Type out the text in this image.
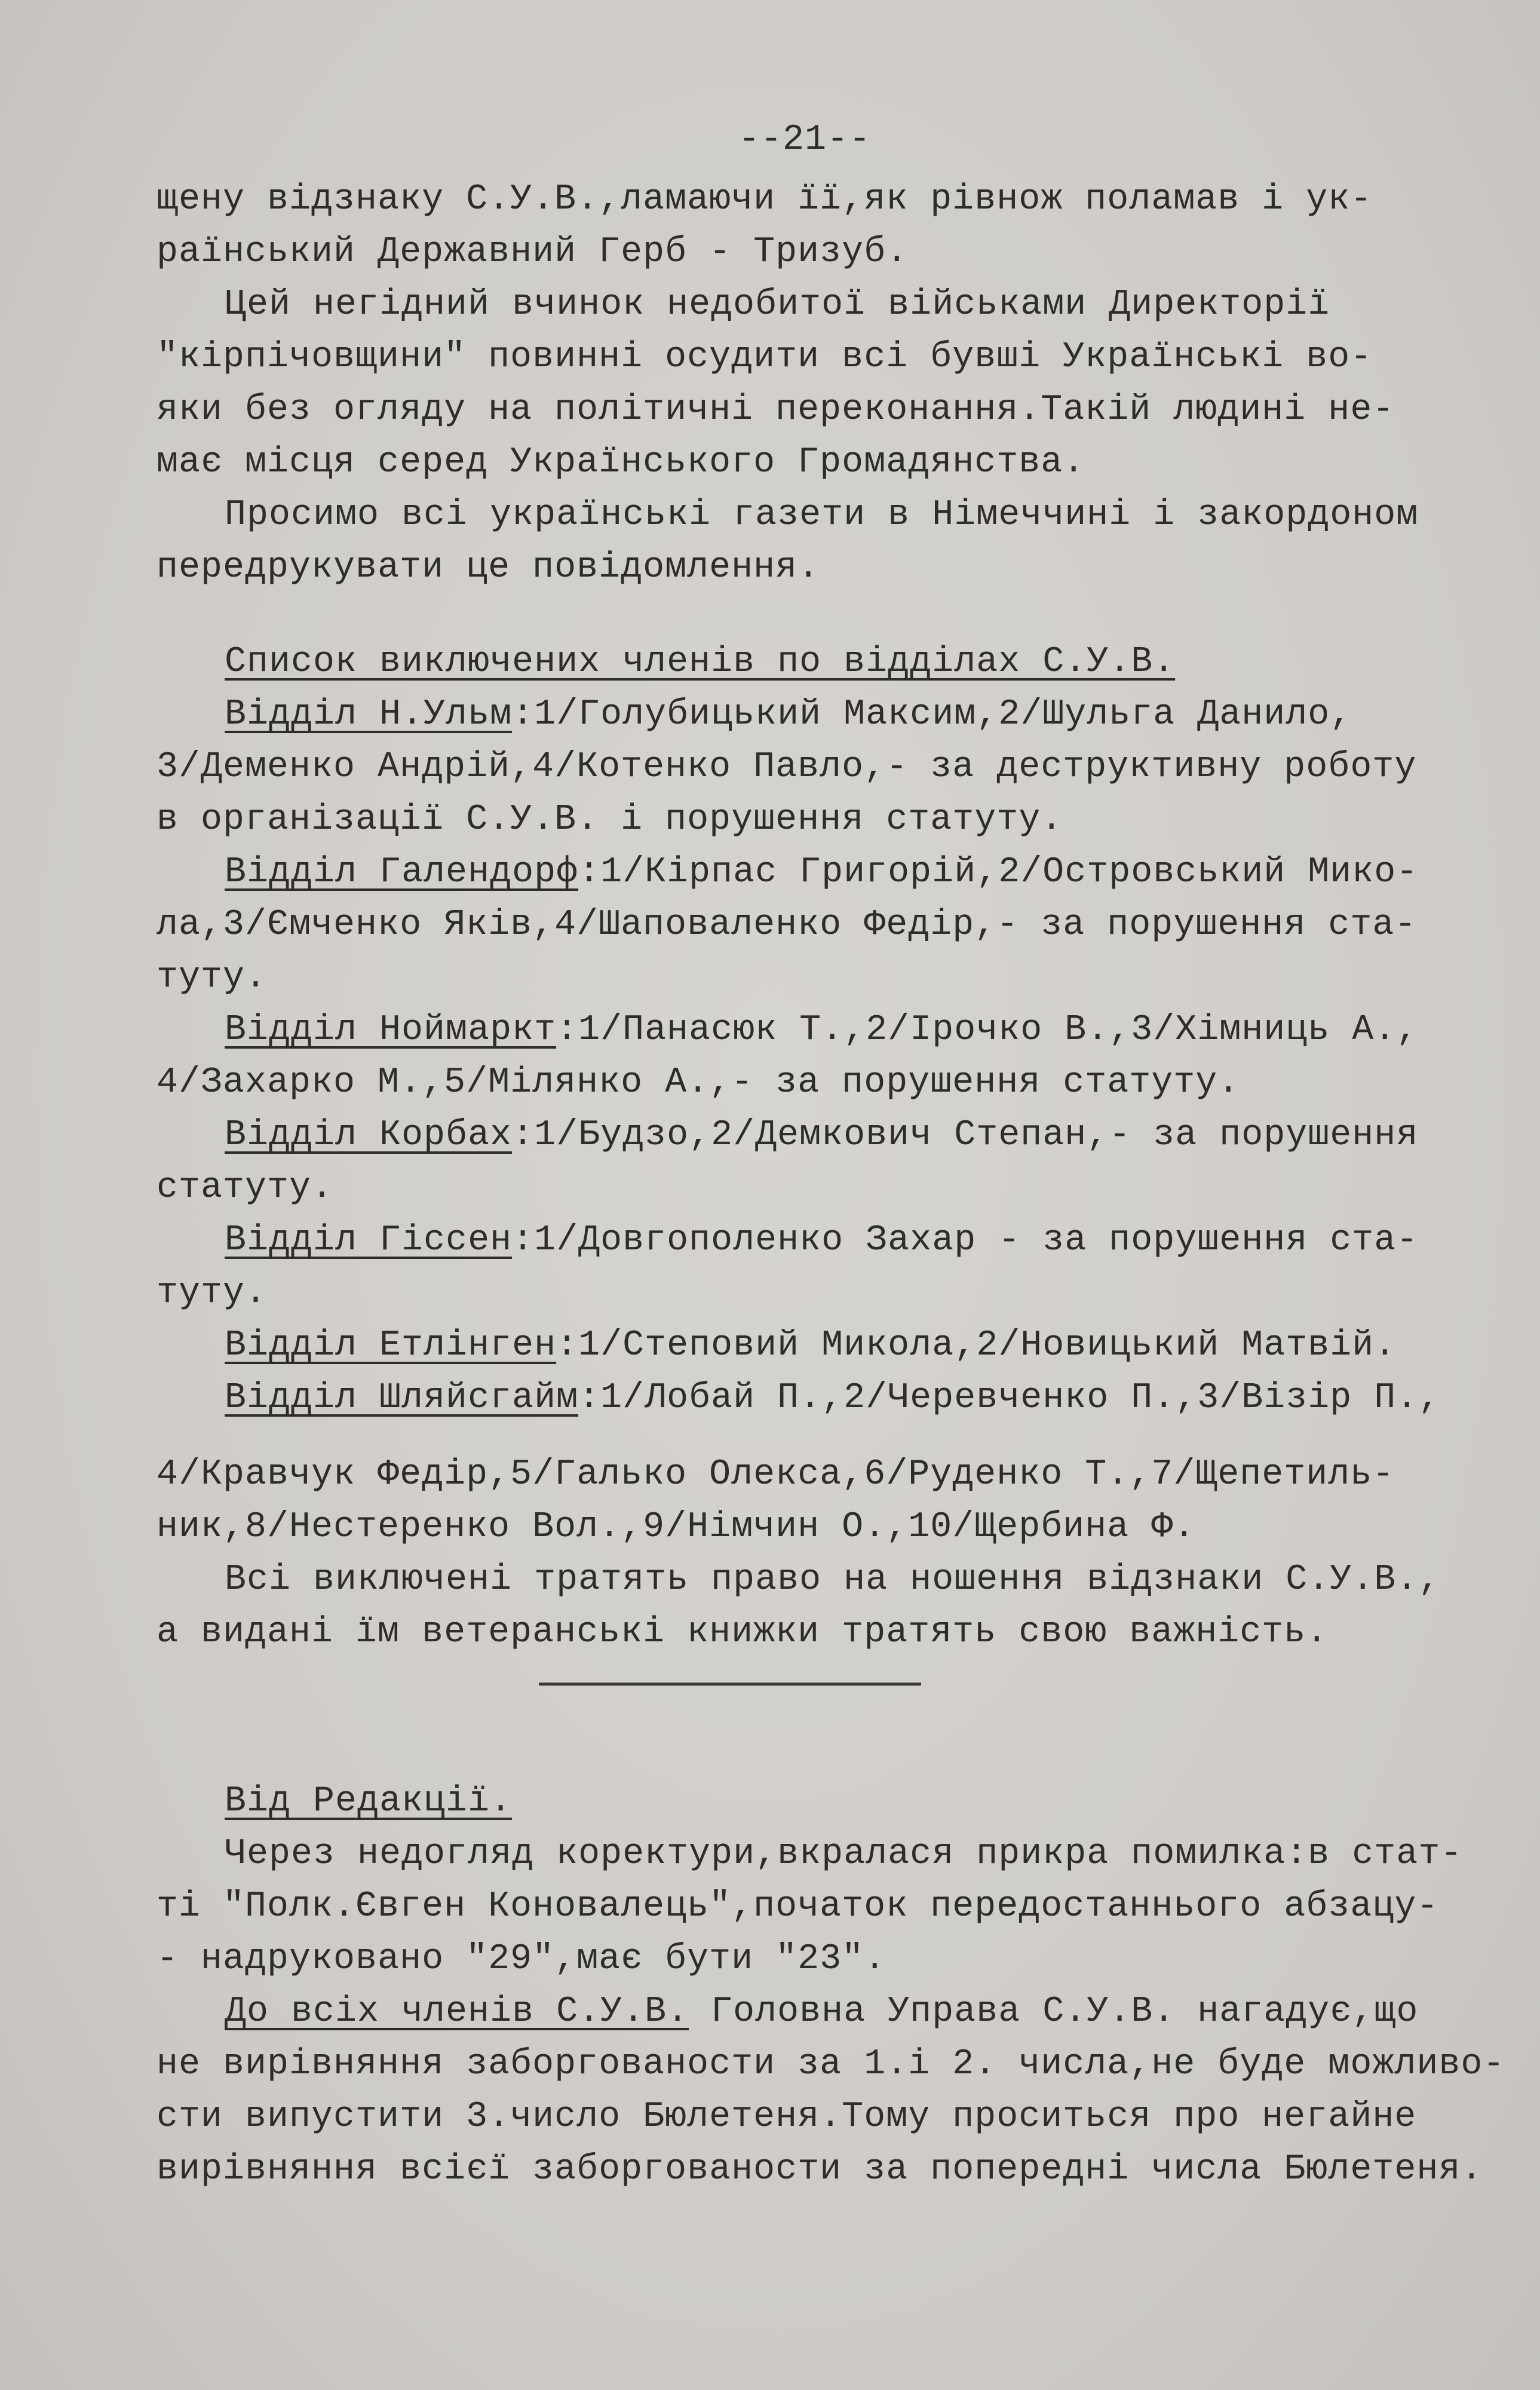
--21--
щену відзнаку С.У.В.,ламаючи її,як рівнож поламав і ук-
раїнський Державний Герб - Тризуб.
Цей негідний вчинок недобитої військами Директорії
"кірпічовщини" повинні осудити всі бувші Українські во-
яки без огляду на політичні переконання.Такій людині не-
має місця серед Українського Громадянства.
Просимо всі українські газети в Німеччині і закордоном
передрукувати це повідомлення.
Список виключених членів по відділах С.У.В.
Відділ Н.Ульм:1/Голубицький Максим,2/Шульга Данило,
3/Деменко Андрій,4/Котенко Павло,- за деструктивну роботу
в організації С.У.В. і порушення статуту.
Відділ Галендорф:1/Кірпас Григорій,2/Островський Мико-
ла,3/Ємченко Яків,4/Шаповаленко Федір,- за порушення ста-
туту.
Відділ Ноймаркт:1/Панасюк Т.,2/Ірочко В.,3/Хімниць А.,
4/Захарко М.,5/Мілянко А.,- за порушення статуту.
Відділ Корбах:1/Будзо,2/Демкович Степан,- за порушення
статуту.
Відділ Гіссен:1/Довгополенко Захар - за порушення ста-
туту.
Відділ Етлінген:1/Степовий Микола,2/Новицький Матвій.
Відділ Шляйсгайм:1/Лобай П.,2/Черевченко П.,3/Візір П.,
4/Кравчук Федір,5/Галько Олекса,6/Руденко Т.,7/Щепетиль-
ник,8/Нестеренко Вол.,9/Німчин О.,10/Щербина Ф.
Всі виключені тратять право на ношення відзнаки С.У.В.,
а видані їм ветеранські книжки тратять свою важність.
Від Редакції.
Через недогляд коректури,вкралася прикра помилка:в стат-
ті "Полк.Євген Коновалець",початок передостаннього абзацу-
- надруковано "29",має бути "23".
До всіх членів С.У.В. Головна Управа С.У.В. нагадує,що
не вирівняння заборгованости за 1.і 2. числа,не буде можливо-
сти випустити 3.число Бюлетеня.Тому проситься про негайне
вирівняння всієї заборгованости за попередні числа Бюлетеня.
